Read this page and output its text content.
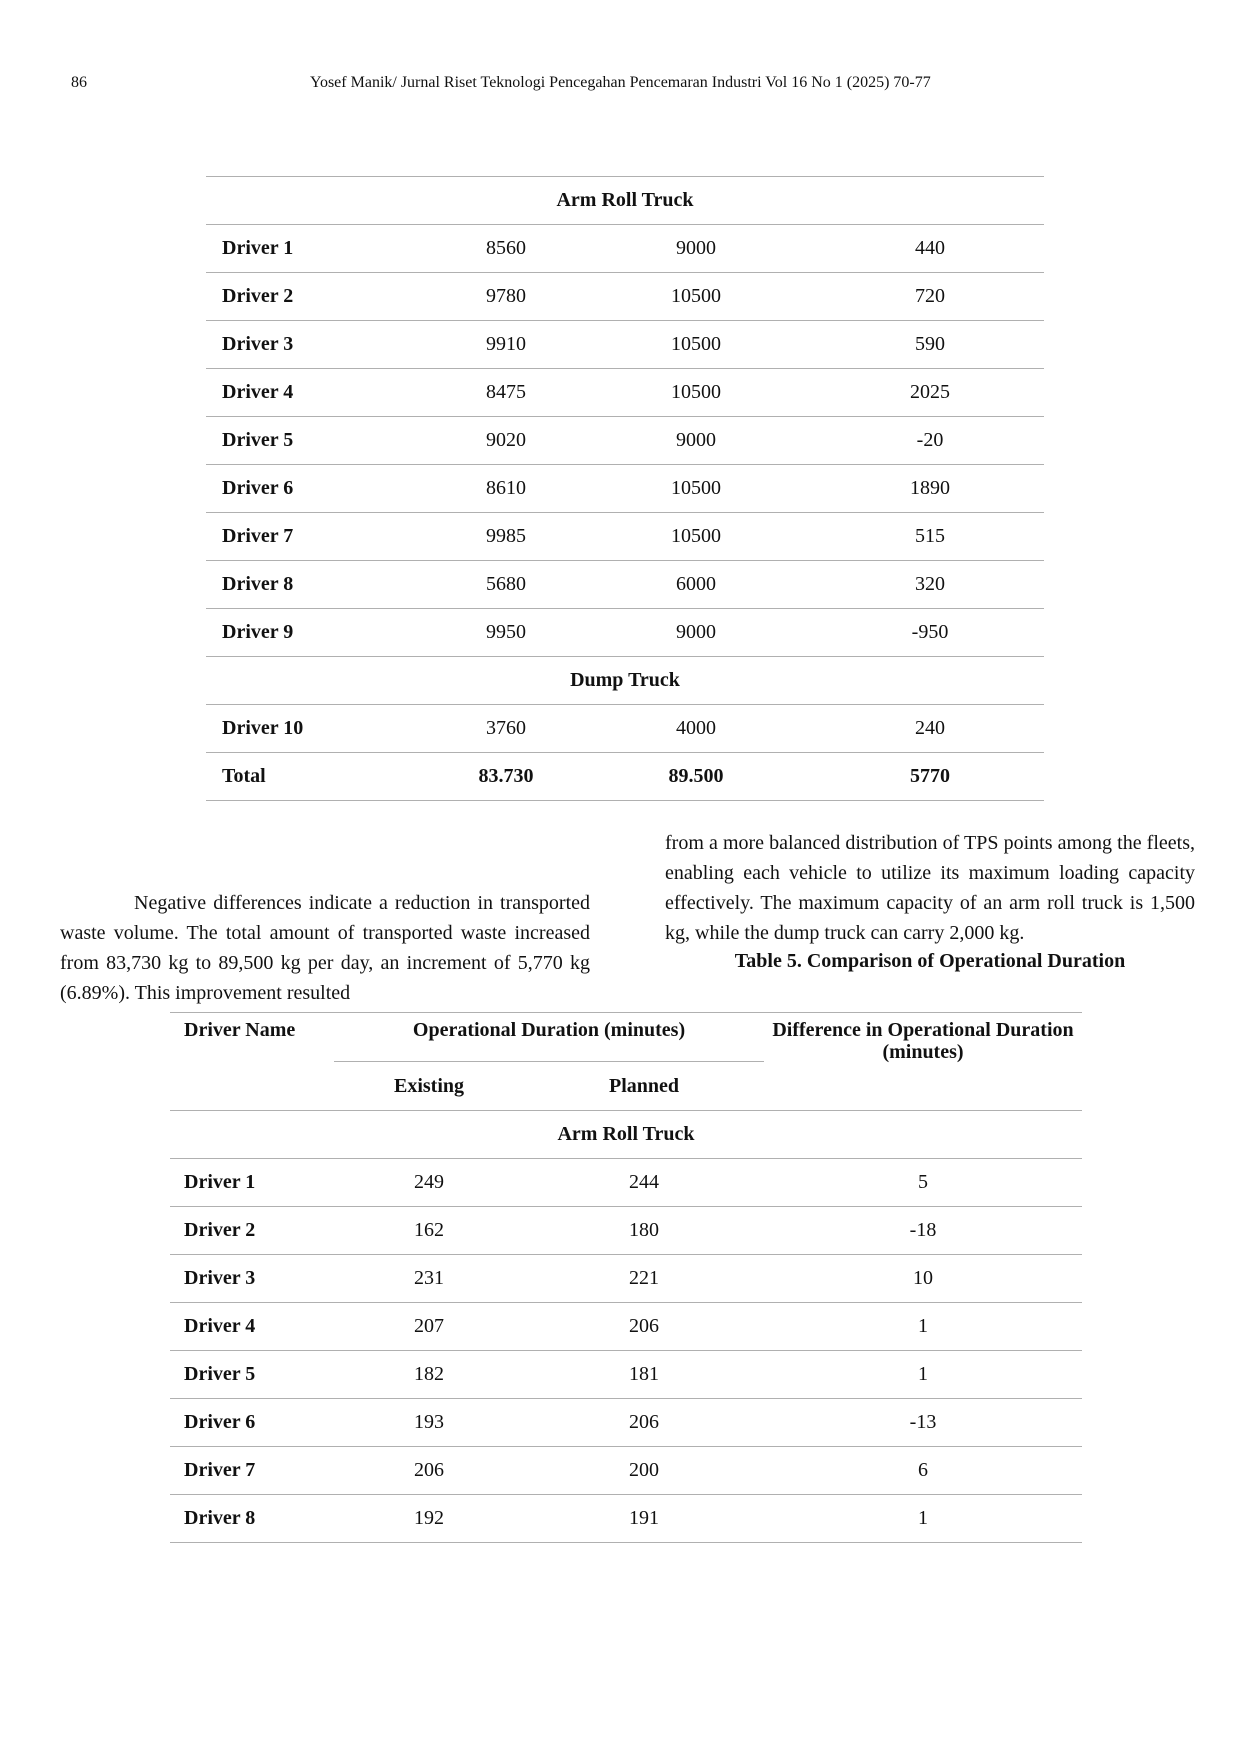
86	Yosef Manik/ Jurnal Riset Teknologi Pencegahan Pencemaran Industri Vol 16 No 1 (2025) 70-77
Arm Roll Truck			
Driver 1	8560	9000	440
Driver 2	9780	10500	720
Driver 3	9910	10500	590
Driver 4	8475	10500	2025
Driver 5	9020	9000	-20
Driver 6	8610	10500	1890
Driver 7	9985	10500	515
Driver 8	5680	6000	320
Driver 9	9950	9000	-950
Dump Truck			
Driver 10	3760	4000	240
Total	83.730	89.500	5770

Negative differences indicate a reduction in transported waste volume. The total amount of transported waste increased from 83,730 kg to 89,500 kg per day, an increment of 5,770 kg (6.89%). This improvement resulted

from a more balanced distribution of TPS points among the fleets, enabling each vehicle to utilize its maximum loading capacity effectively. The maximum capacity of an arm roll truck is 1,500 kg, while the dump truck can carry 2,000 kg.

Table 5. Comparison of Operational Duration
Driver Name	Operational Duration (minutes)		Difference in Operational Duration (minutes)
	Existing	Planned	
Arm Roll Truck			
Driver 1	249	244	5
Driver 2	162	180	-18
Driver 3	231	221	10
Driver 4	207	206	1
Driver 5	182	181	1
Driver 6	193	206	-13
Driver 7	206	200	6
Driver 8	192	191	1
